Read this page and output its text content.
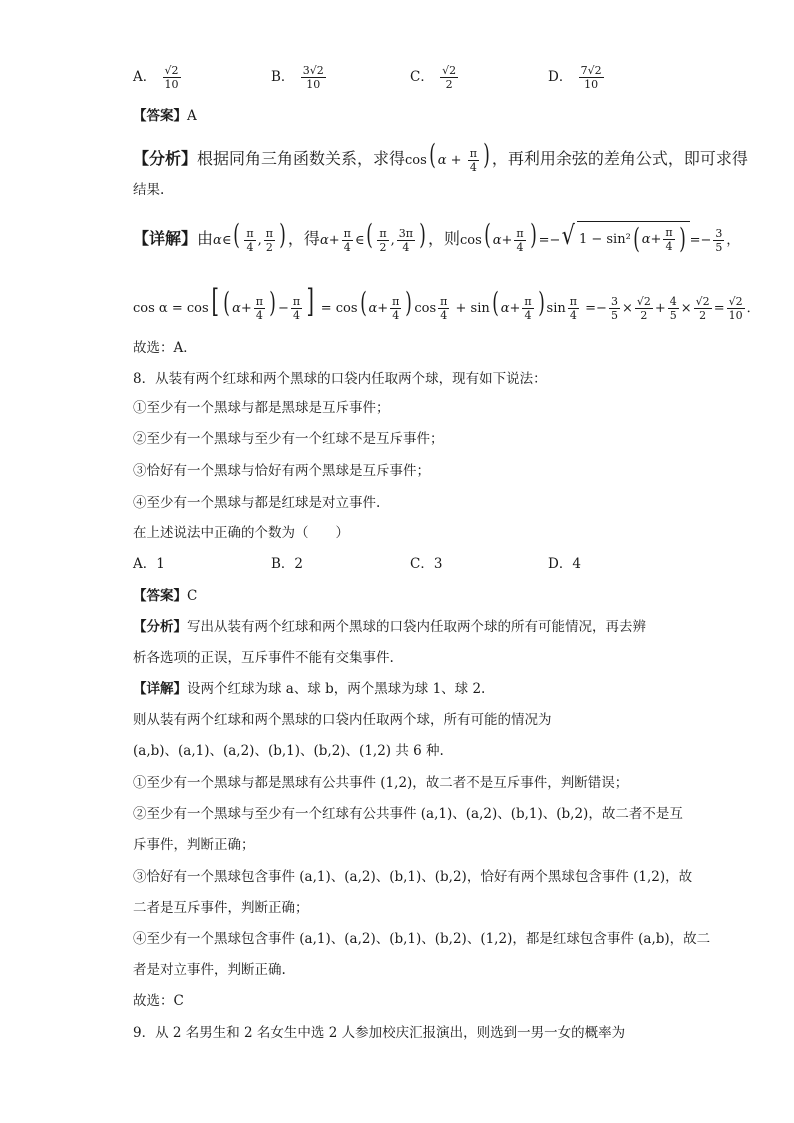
A． $\frac{√2}{10}$	B． $\frac{3√2}{10}$	C． $\frac{√2}{2}$	D． $\frac{7√2}{10}$
【答案】A
【分析】 根据同角三角函数关系，求得 cos( $\alpha + \frac{\pi}{4}$ ) ，再利用余弦的差角公式，即可求得
结果.
【详解】 由 α∈( $\frac{\pi}{4}$ , $\frac{\pi}{2}$ ) ，得 $\alpha+ \frac{\pi}{4}$ ∈( $\frac{\pi}{2}$ , $\frac{3\pi}{4}$ ) ，则 cos( $\alpha+ \frac{\pi}{4}$ ) =− √ 1 − sin² ( $\alpha + \frac{\pi}{4}$ ) =− $\frac{3}{5}$ ，
cos α = cos[ ( $\alpha+ \frac{\pi}{4}$ ) − $\frac{\pi}{4}$ ] = cos( $\alpha+ \frac{\pi}{4}$ ) $\cos \frac{\pi}{4} + \sin$( $\alpha+ \frac{\pi}{4}$ ) $\sin \frac{\pi}{4} =- \frac{3}{5} \times \frac{√2}{2} + \frac{4}{5} \times \frac{√2}{2} = \frac{√2}{10}$ ．
故选：A．
8．从装有两个红球和两个黑球的口袋内任取两个球，现有如下说法：
①至少有一个黑球与都是黑球是互斥事件；
②至少有一个黑球与至少有一个红球不是互斥事件；
③恰好有一个黑球与恰好有两个黑球是互斥事件；
④至少有一个黑球与都是红球是对立事件.
在上述说法中正确的个数为（　　）
A．1	B．2	C．3	D．4
【答案】C
【分析】写出从装有两个红球和两个黑球的口袋内任取两个球的所有可能情况，再去辨
析各选项的正误，互斥事件不能有交集事件.
【详解】设两个红球为球 a、球 b，两个黑球为球 1、球 2.
则从装有两个红球和两个黑球的口袋内任取两个球，所有可能的情况为
(a,b)、(a,1)、(a,2)、(b,1)、(b,2)、(1,2) 共 6 种.
①至少有一个黑球与都是黑球有公共事件 (1,2)，故二者不是互斥事件，判断错误；
②至少有一个黑球与至少有一个红球有公共事件 (a,1)、(a,2)、(b,1)、(b,2)，故二者不是互
斥事件，判断正确；
③恰好有一个黑球包含事件 (a,1)、(a,2)、(b,1)、(b,2)，恰好有两个黑球包含事件 (1,2)，故
二者是互斥事件，判断正确；
④至少有一个黑球包含事件 (a,1)、(a,2)、(b,1)、(b,2)、(1,2)，都是红球包含事件 (a,b)，故二
者是对立事件，判断正确.
故选：C
9．从 2 名男生和 2 名女生中选 2 人参加校庆汇报演出，则选到一男一女的概率为
